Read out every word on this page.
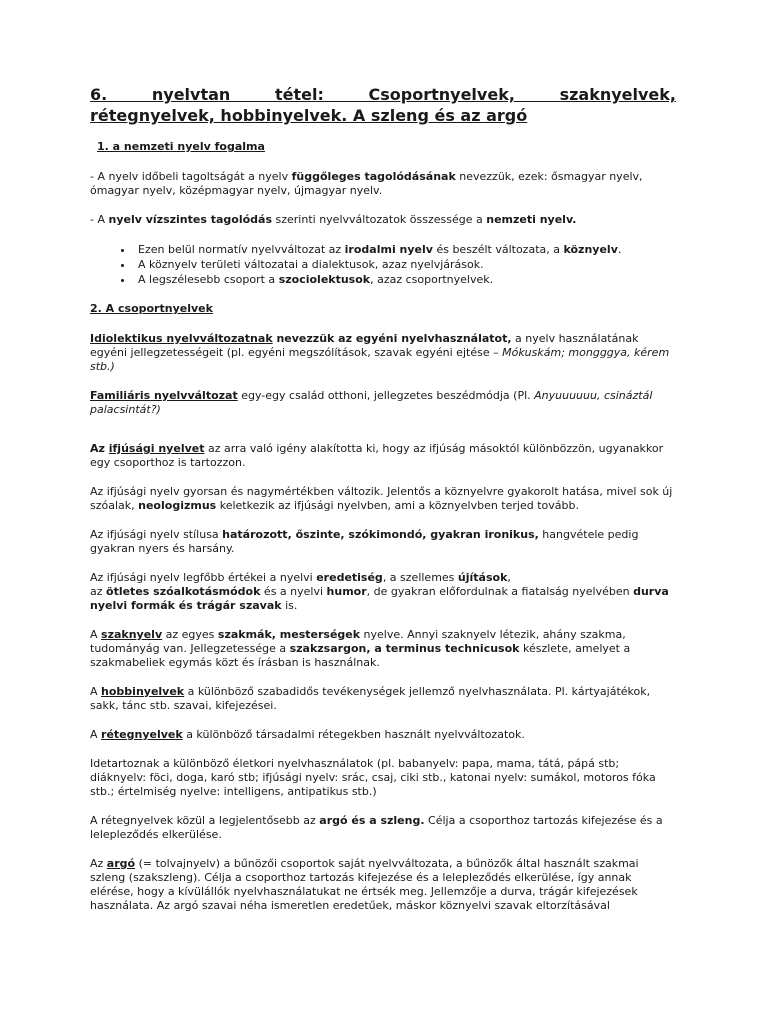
6. nyelvtan tétel: Csoportnyelvek, szaknyelvek,
rétegnyelvek, hobbinyelvek. A szleng és az argó
1. a nemzeti nyelv fogalma

- A nyelv időbeli tagoltságát a nyelv függőleges tagolódásának nevezzük, ezek: ősmagyar nyelv, ómagyar nyelv, középmagyar nyelv, újmagyar nyelv.

- A nyelv vízszintes tagolódás szerinti nyelvváltozatok összessége a nemzeti nyelv.

• Ezen belül normatív nyelvváltozat az irodalmi nyelv és beszélt változata, a köznyelv.
• A köznyelv területi változatai a dialektusok, azaz nyelvjárások.
• A legszélesebb csoport a szociolektusok, azaz csoportnyelvek.
2. A csoportnyelvek

Idiolektikus nyelvváltozatnak nevezzük az egyéni nyelvhasználatot, a nyelv használatának egyéni jellegzetességeit (pl. egyéni megszólítások, szavak egyéni ejtése – Mókuskám; mongggya, kérem stb.)

Familiáris nyelvváltozat egy-egy család otthoni, jellegzetes beszédmódja (Pl. Anyuuuuuu, csináztál palacsintát?)

Az ifjúsági nyelvet az arra való igény alakította ki, hogy az ifjúság másoktól különbözzön, ugyanakkor egy csoporthoz is tartozzon.

Az ifjúsági nyelv gyorsan és nagymértékben változik. Jelentős a köznyelvre gyakorolt hatása, mivel sok új szóalak, neologizmus keletkezik az ifjúsági nyelvben, ami a köznyelvben terjed tovább.

Az ifjúsági nyelv stílusa határozott, őszinte, szókimondó, gyakran ironikus, hangvétele pedig gyakran nyers és harsány.

Az ifjúsági nyelv legfőbb értékei a nyelvi eredetiség, a szellemes újítások,
az ötletes szóalkotásmódok és a nyelvi humor, de gyakran előfordulnak a fiatalság nyelvében durva nyelvi formák és trágár szavak is.

A szaknyelv az egyes szakmák, mesterségek nyelve. Annyi szaknyelv létezik, ahány szakma, tudományág van. Jellegzetessége a szakzsargon, a terminus technicusok készlete, amelyet a szakmabeliek egymás közt és írásban is használnak.

A hobbinyelvek a különböző szabadidős tevékenységek jellemző nyelvhasználata. Pl. kártyajátékok, sakk, tánc stb. szavai, kifejezései.

A rétegnyelvek a különböző társadalmi rétegekben használt nyelvváltozatok.

Idetartoznak a különböző életkori nyelvhasználatok (pl. babanyelv: papa, mama, tátá, pápá stb; diáknyelv: föci, doga, karó stb; ifjúsági nyelv: srác, csaj, ciki stb., katonai nyelv: sumákol, motoros fóka stb.; értelmiség nyelve: intelligens, antipatikus stb.)

A rétegnyelvek közül a legjelentősebb az argó és a szleng. Célja a csoporthoz tartozás kifejezése és a lelepleződés elkerülése.

Az argó (= tolvajnyelv) a bűnözői csoportok saját nyelvváltozata, a bűnözők által használt szakmai szleng (szakszleng). Célja a csoporthoz tartozás kifejezése és a lelepleződés elkerülése, így annak elérése, hogy a kívülállók nyelvhasználatukat ne értsék meg. Jellemzője a durva, trágár kifejezések használata. Az argó szavai néha ismeretlen eredetűek, máskor köznyelvi szavak eltorzításával
